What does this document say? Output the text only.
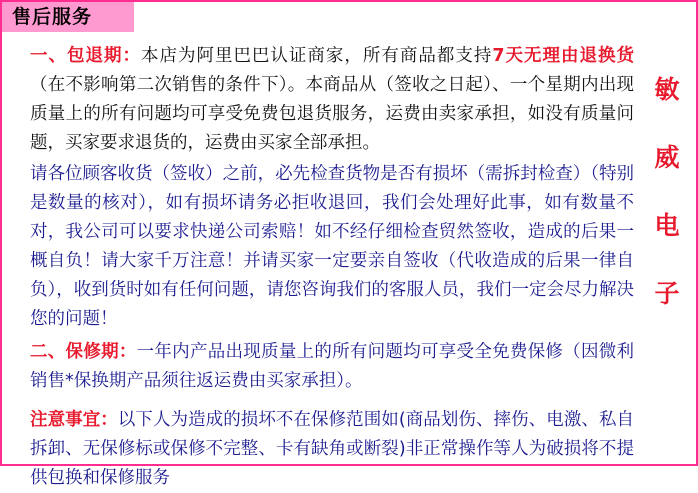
售后服务

一、包退期：本店为阿里巴巴认证商家，所有商品都支持7天无理由退换货（在不影响第二次销售的条件下）。本商品从（签收之日起）、一个星期内出现质量上的所有问题均可享受免费包退货服务，运费由卖家承担，如没有质量问题，买家要求退货的，运费由买家全部承担。

请各位顾客收货（签收）之前，必先检查货物是否有损坏（需拆封检查）（特别是数量的核对），如有损坏请务必拒收退回，我们会处理好此事，如有数量不对，我公司可以要求快递公司索赔！如不经仔细检查贸然签收，造成的后果一概自负！请大家千万注意！并请买家一定要亲自签收（代收造成的后果一律自负），收到货时如有任何问题，请您咨询我们的客服人员，我们一定会尽力解决您的问题！

二、保修期：一年内产品出现质量上的所有问题均可享受全免费保修（因微利销售*保换期产品须往返运费由买家承担）。

注意事宜：以下人为造成的损坏不在保修范围如(商品划伤、摔伤、电激、私自拆卸、无保修标或保修不完整、卡有缺角或断裂)非正常操作等人为破损将不提供包换和保修服务

敏
威
电
子
